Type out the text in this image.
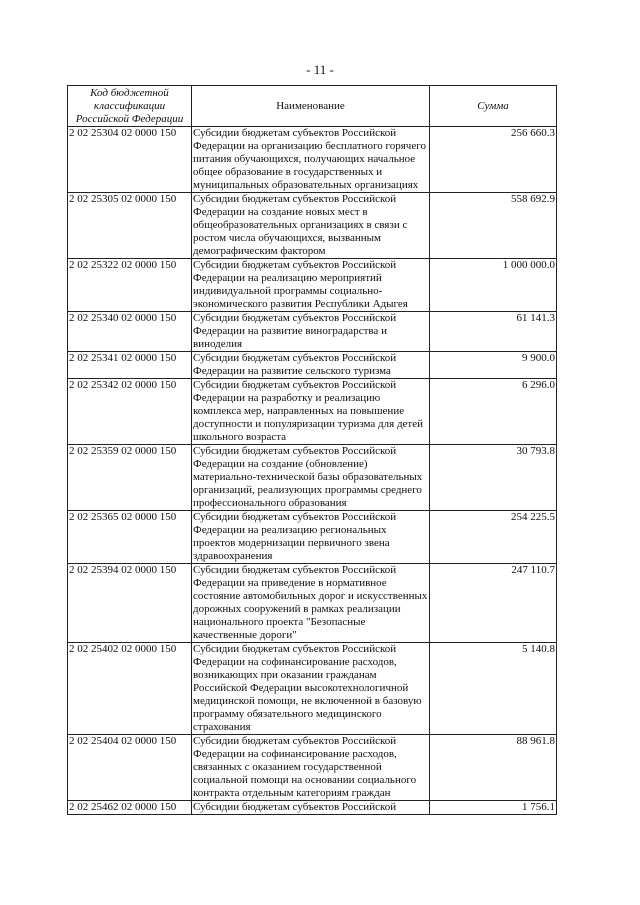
- 11 -
Код бюджетной классификации Российской Федерации	Наименование	Сумма
2 02 25304 02 0000 150	Субсидии бюджетам субъектов Российской Федерации на организацию бесплатного горячего питания обучающихся, получающих начальное общее образование в государственных и муниципальных образовательных организациях	256 660.3
2 02 25305 02 0000 150	Субсидии бюджетам субъектов Российской Федерации на создание новых мест в общеобразовательных организациях в связи с ростом числа обучающихся, вызванным демографическим фактором	558 692.9
2 02 25322 02 0000 150	Субсидии бюджетам субъектов Российской Федерации на реализацию мероприятий индивидуальной программы социально-экономического развития Республики Адыгея	1 000 000.0
2 02 25340 02 0000 150	Субсидии бюджетам субъектов Российской Федерации на развитие виноградарства и виноделия	61 141.3
2 02 25341 02 0000 150	Субсидии бюджетам субъектов Российской Федерации на развитие сельского туризма	9 900.0
2 02 25342 02 0000 150	Субсидии бюджетам субъектов Российской Федерации на разработку и реализацию комплекса мер, направленных на повышение доступности и популяризации туризма для детей школьного возраста	6 296.0
2 02 25359 02 0000 150	Субсидии бюджетам субъектов Российской Федерации на создание (обновление) материально-технической базы образовательных организаций, реализующих программы среднего профессионального образования	30 793.8
2 02 25365 02 0000 150	Субсидии бюджетам субъектов Российской Федерации на реализацию региональных проектов модернизации первичного звена здравоохранения	254 225.5
2 02 25394 02 0000 150	Субсидии бюджетам субъектов Российской Федерации на приведение в нормативное состояние автомобильных дорог и искусственных дорожных сооружений в рамках реализации национального проекта "Безопасные качественные дороги"	247 110.7
2 02 25402 02 0000 150	Субсидии бюджетам субъектов Российской Федерации на софинансирование расходов, возникающих при оказании гражданам Российской Федерации высокотехнологичной медицинской помощи, не включенной в базовую программу обязательного медицинского страхования	5 140.8
2 02 25404 02 0000 150	Субсидии бюджетам субъектов Российской Федерации на софинансирование расходов, связанных с оказанием государственной социальной помощи на основании социального контракта отдельным категориям граждан	88 961.8
2 02 25462 02 0000 150	Субсидии бюджетам субъектов Российской	1 756.1
